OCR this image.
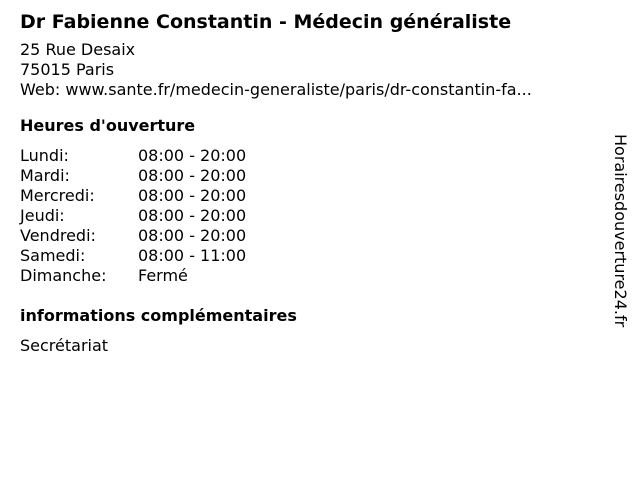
Dr Fabienne Constantin - Médecin généraliste
25 Rue Desaix
75015 Paris
Web: www.sante.fr/medecin-generaliste/paris/dr-constantin-fa...
Heures d'ouverture
Lundi:	08:00 - 20:00
Mardi:	08:00 - 20:00
Mercredi:	08:00 - 20:00
Jeudi:	08:00 - 20:00
Vendredi:	08:00 - 20:00
Samedi:	08:00 - 11:00
Dimanche:	Fermé
informations complémentaires
Secrétariat
Horairesdouverture24.fr
